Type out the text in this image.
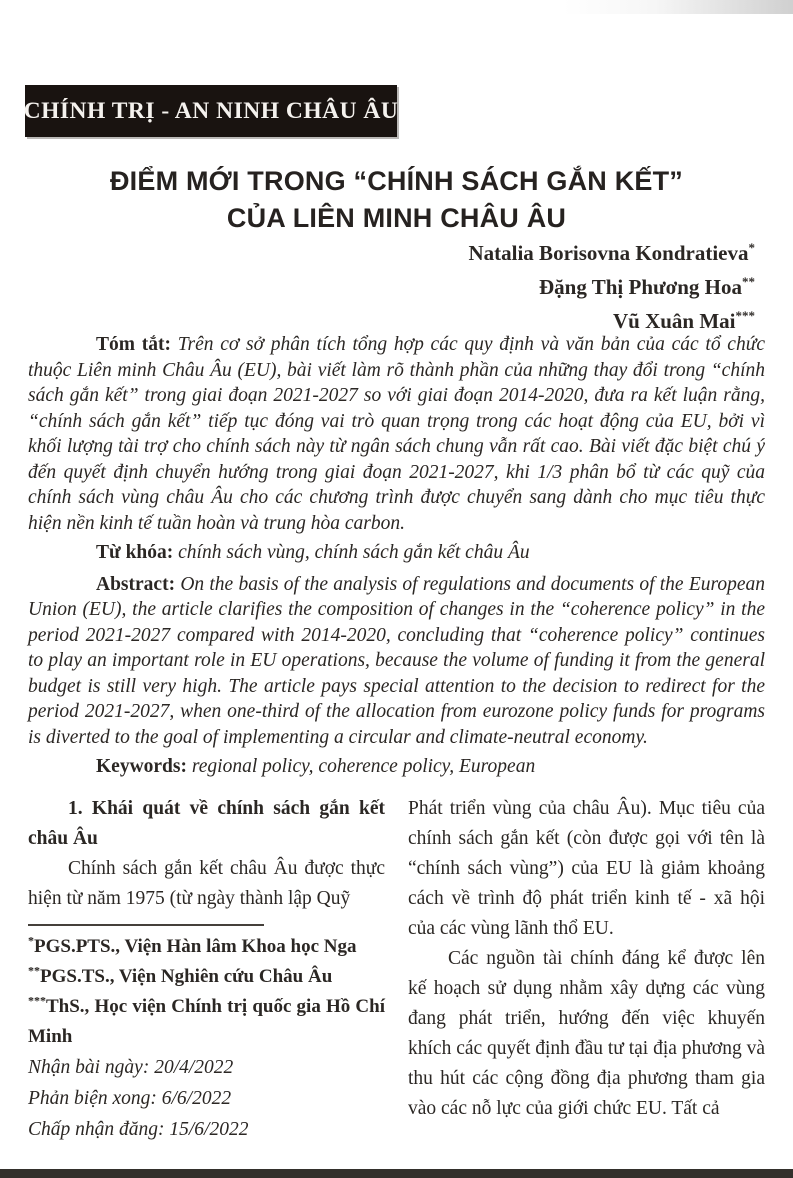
CHÍNH TRỊ - AN NINH CHÂU ÂU
ĐIỂM MỚI TRONG “CHÍNH SÁCH GẮN KẾT”
CỦA LIÊN MINH CHÂU ÂU
Natalia Borisovna Kondratieva*
Đặng Thị Phương Hoa**
Vũ Xuân Mai***

Tóm tắt: Trên cơ sở phân tích tổng hợp các quy định và văn bản của các tổ chức thuộc Liên minh Châu Âu (EU), bài viết làm rõ thành phần của những thay đổi trong “chính sách gắn kết” trong giai đoạn 2021-2027 so với giai đoạn 2014-2020, đưa ra kết luận rằng, “chính sách gắn kết” tiếp tục đóng vai trò quan trọng trong các hoạt động của EU, bởi vì khối lượng tài trợ cho chính sách này từ ngân sách chung vẫn rất cao. Bài viết đặc biệt chú ý đến quyết định chuyển hướng trong giai đoạn 2021-2027, khi 1/3 phân bổ từ các quỹ của chính sách vùng châu Âu cho các chương trình được chuyển sang dành cho mục tiêu thực hiện nền kinh tế tuần hoàn và trung hòa carbon.

Từ khóa: chính sách vùng, chính sách gắn kết châu Âu

Abstract: On the basis of the analysis of regulations and documents of the European Union (EU), the article clarifies the composition of changes in the “coherence policy” in the period 2021-2027 compared with 2014-2020, concluding that “coherence policy” continues to play an important role in EU operations, because the volume of funding it from the general budget is still very high. The article pays special attention to the decision to redirect for the period 2021-2027, when one-third of the allocation from eurozone policy funds for programs is diverted to the goal of implementing a circular and climate-neutral economy.

Keywords: regional policy, coherence policy, European

1. Khái quát về chính sách gắn kết châu Âu

Chính sách gắn kết châu Âu được thực hiện từ năm 1975 (từ ngày thành lập Quỹ

*PGS.PTS., Viện Hàn lâm Khoa học Nga

**PGS.TS., Viện Nghiên cứu Châu Âu

***ThS., Học viện Chính trị quốc gia Hồ Chí Minh

Nhận bài ngày: 20/4/2022

Phản biện xong: 6/6/2022

Chấp nhận đăng: 15/6/2022

Phát triển vùng của châu Âu). Mục tiêu của chính sách gắn kết (còn được gọi với tên là “chính sách vùng”) của EU là giảm khoảng cách về trình độ phát triển kinh tế - xã hội của các vùng lãnh thổ EU.

Các nguồn tài chính đáng kể được lên kế hoạch sử dụng nhằm xây dựng các vùng đang phát triển, hướng đến việc khuyến khích các quyết định đầu tư tại địa phương và thu hút các cộng đồng địa phương tham gia vào các nỗ lực của giới chức EU. Tất cả
